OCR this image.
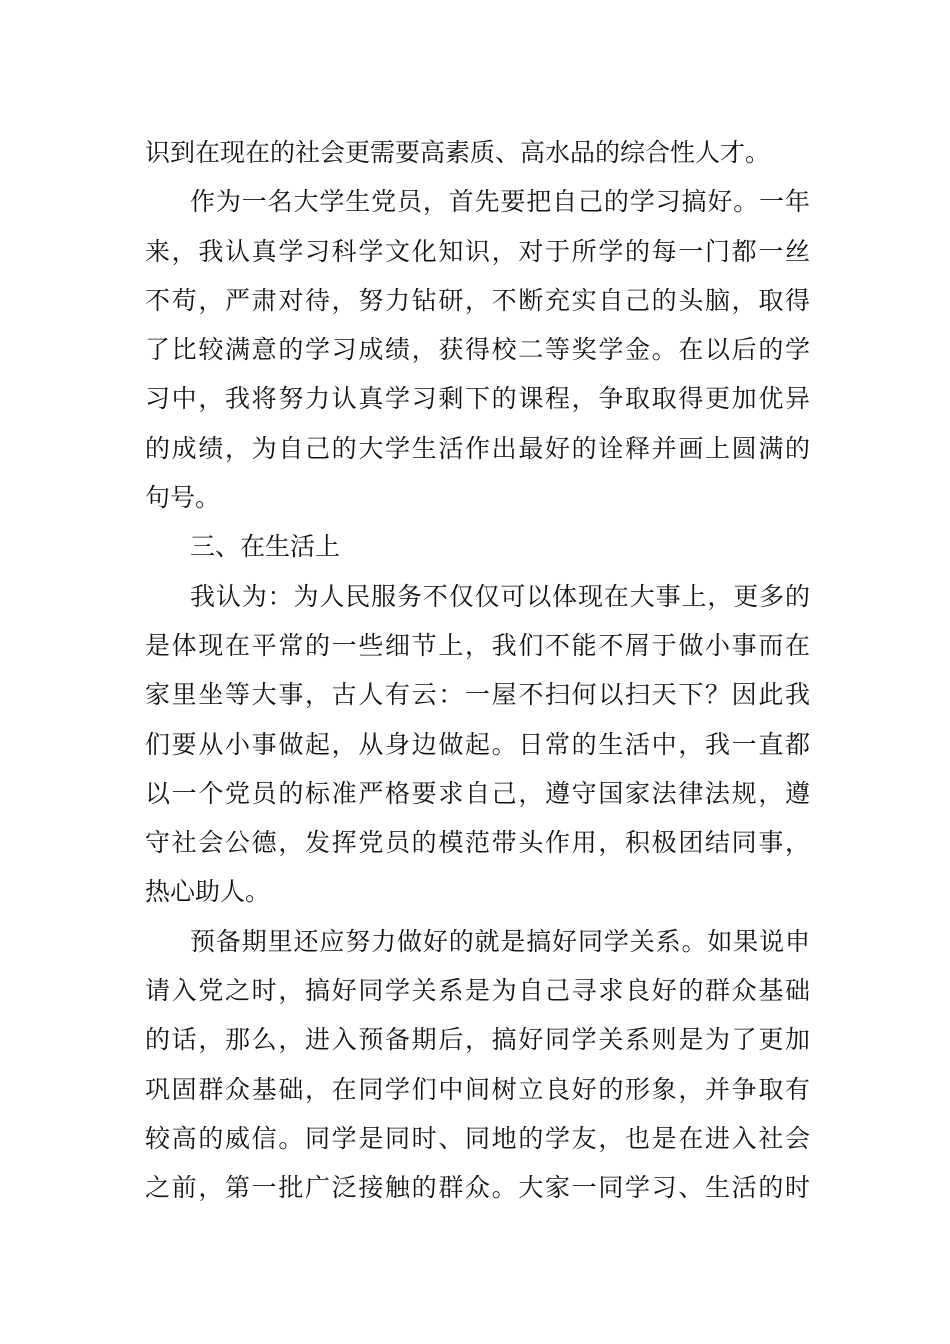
识到在现在的社会更需要高素质、高水品的综合性人才。
作为一名大学生党员，首先要把自己的学习搞好。一年
来，我认真学习科学文化知识，对于所学的每一门都一丝
不苟，严肃对待，努力钻研，不断充实自己的头脑，取得
了比较满意的学习成绩，获得校二等奖学金。在以后的学
习中，我将努力认真学习剩下的课程，争取取得更加优异
的成绩，为自己的大学生活作出最好的诠释并画上圆满的
句号。
三、在生活上
我认为：为人民服务不仅仅可以体现在大事上，更多的
是体现在平常的一些细节上，我们不能不屑于做小事而在
家里坐等大事，古人有云：一屋不扫何以扫天下？因此我
们要从小事做起，从身边做起。日常的生活中，我一直都
以一个党员的标准严格要求自己，遵守国家法律法规，遵
守社会公德，发挥党员的模范带头作用，积极团结同事，
热心助人。
预备期里还应努力做好的就是搞好同学关系。如果说申
请入党之时，搞好同学关系是为自己寻求良好的群众基础
的话，那么，进入预备期后，搞好同学关系则是为了更加
巩固群众基础，在同学们中间树立良好的形象，并争取有
较高的威信。同学是同时、同地的学友，也是在进入社会
之前，第一批广泛接触的群众。大家一同学习、生活的时
